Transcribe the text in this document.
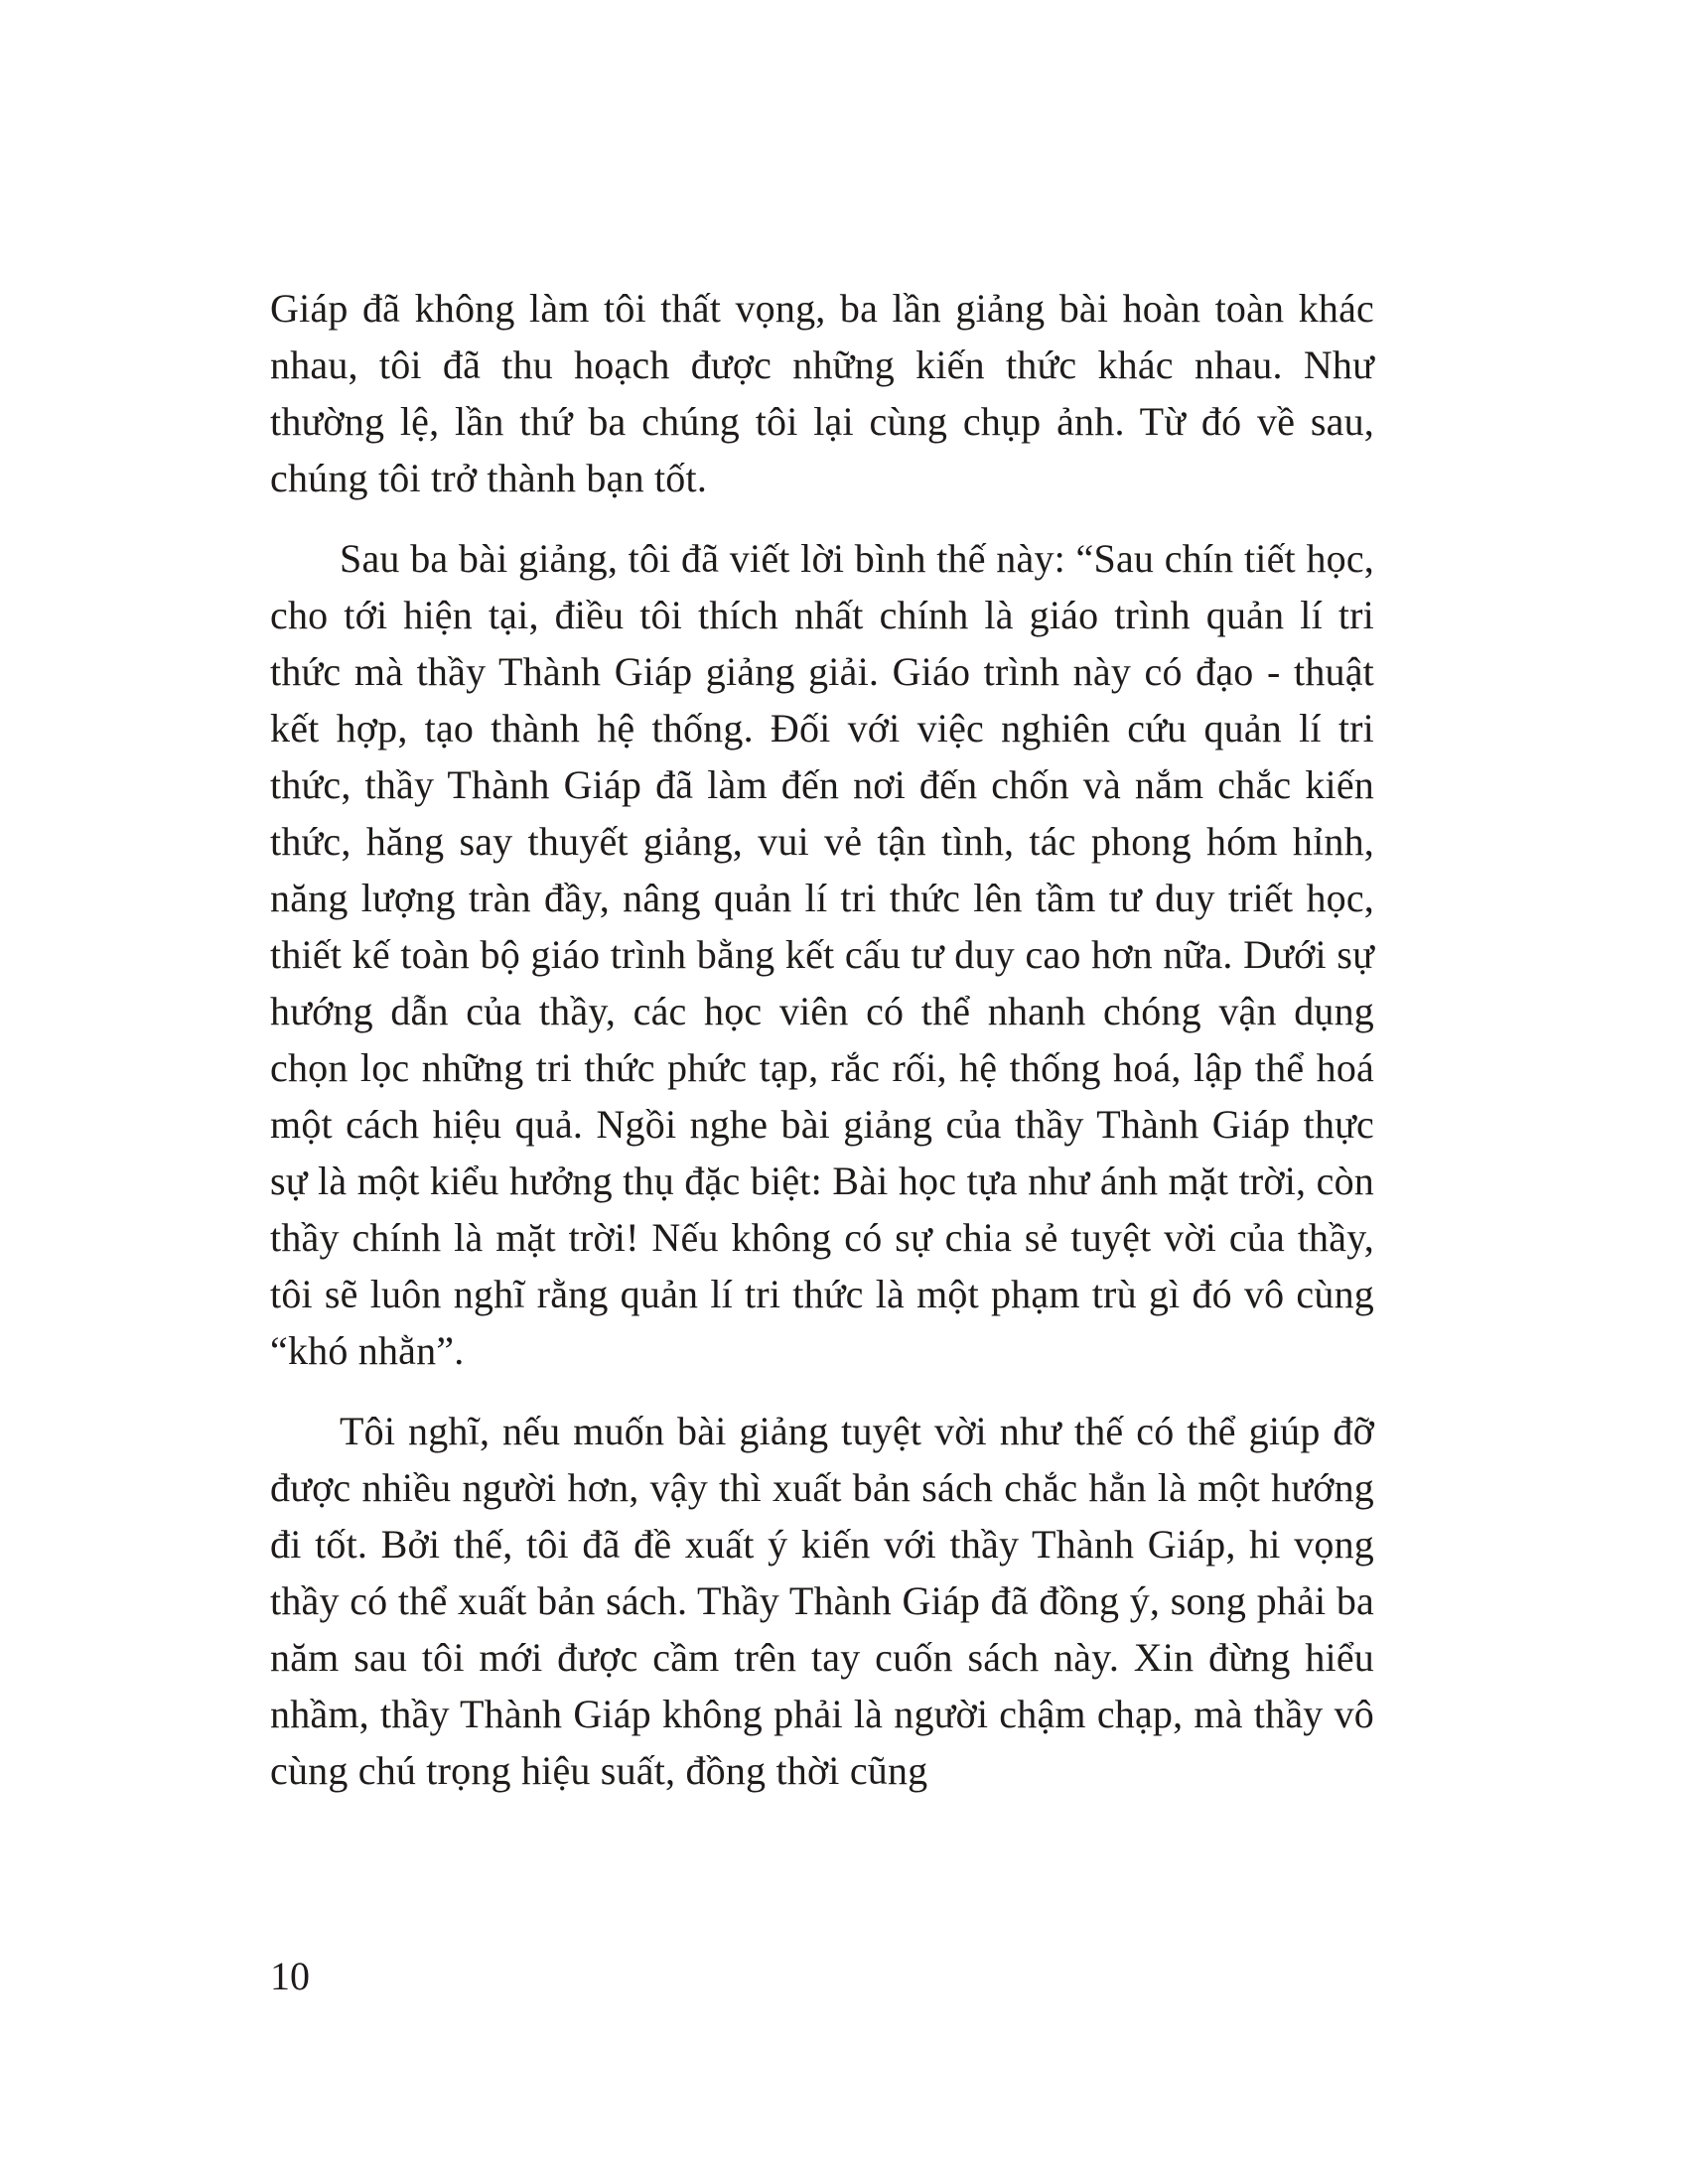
Giáp đã không làm tôi thất vọng, ba lần giảng bài hoàn toàn khác nhau, tôi đã thu hoạch được những kiến thức khác nhau. Như thường lệ, lần thứ ba chúng tôi lại cùng chụp ảnh. Từ đó về sau, chúng tôi trở thành bạn tốt.

Sau ba bài giảng, tôi đã viết lời bình thế này: “Sau chín tiết học, cho tới hiện tại, điều tôi thích nhất chính là giáo trình quản lí tri thức mà thầy Thành Giáp giảng giải. Giáo trình này có đạo - thuật kết hợp, tạo thành hệ thống. Đối với việc nghiên cứu quản lí tri thức, thầy Thành Giáp đã làm đến nơi đến chốn và nắm chắc kiến thức, hăng say thuyết giảng, vui vẻ tận tình, tác phong hóm hỉnh, năng lượng tràn đầy, nâng quản lí tri thức lên tầm tư duy triết học, thiết kế toàn bộ giáo trình bằng kết cấu tư duy cao hơn nữa. Dưới sự hướng dẫn của thầy, các học viên có thể nhanh chóng vận dụng chọn lọc những tri thức phức tạp, rắc rối, hệ thống hoá, lập thể hoá một cách hiệu quả. Ngồi nghe bài giảng của thầy Thành Giáp thực sự là một kiểu hưởng thụ đặc biệt: Bài học tựa như ánh mặt trời, còn thầy chính là mặt trời! Nếu không có sự chia sẻ tuyệt vời của thầy, tôi sẽ luôn nghĩ rằng quản lí tri thức là một phạm trù gì đó vô cùng “khó nhằn”.

Tôi nghĩ, nếu muốn bài giảng tuyệt vời như thế có thể giúp đỡ được nhiều người hơn, vậy thì xuất bản sách chắc hẳn là một hướng đi tốt. Bởi thế, tôi đã đề xuất ý kiến với thầy Thành Giáp, hi vọng thầy có thể xuất bản sách. Thầy Thành Giáp đã đồng ý, song phải ba năm sau tôi mới được cầm trên tay cuốn sách này. Xin đừng hiểu nhầm, thầy Thành Giáp không phải là người chậm chạp, mà thầy vô cùng chú trọng hiệu suất, đồng thời cũng

10
